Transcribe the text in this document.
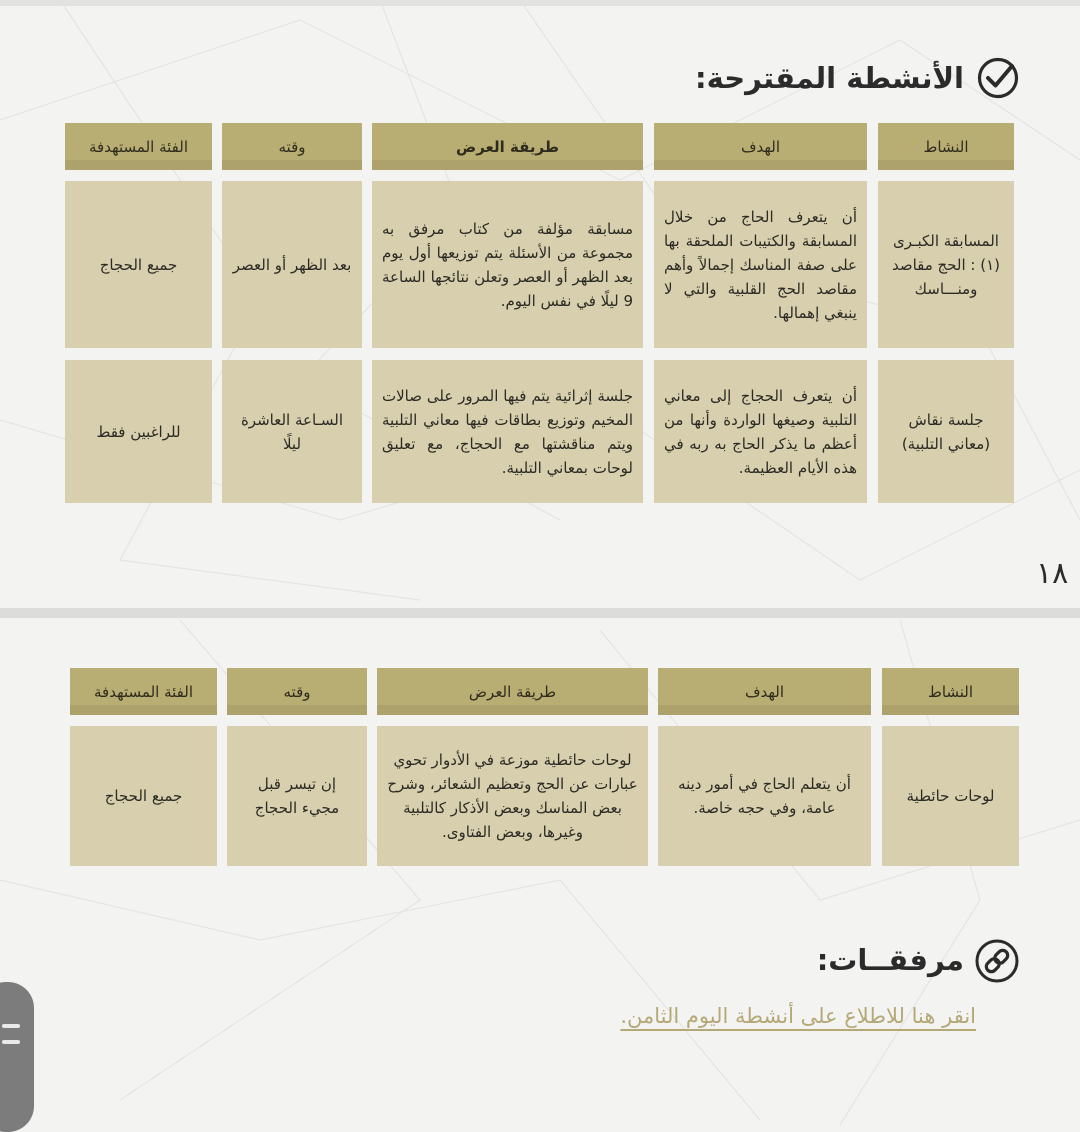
الأنشطة المقترحة:
النشاط
الهدف
طريقة العرض
وقته
الفئة المستهدفة
المسابقة الكبـرى (١) : الحج مقاصد ومنـــاسك
أن يتعرف الحاج من خلال المسابقة والكتيبات الملحقة بها على صفة المناسك إجمالاً وأهم مقاصد الحج القلبية والتي لا ينبغي إهمالها.
مسابقة مؤلفة من كتاب مرفق به مجموعة من الأسئلة يتم توزيعها أول يوم بعد الظهر أو العصر وتعلن نتائجها الساعة 9 ليلًا في نفس اليوم.
بعد الظهر أو العصر
جميع الحجاج
جلسة نقاش (معاني التلبية)
أن يتعرف الحجاج إلى معاني التلبية وصيغها الواردة وأنها من أعظم ما يذكر الحاج به ربه في هذه الأيام العظيمة.
جلسة إثرائية يتم فيها المرور على صالات المخيم وتوزيع بطاقات فيها معاني التلبية ويتم مناقشتها مع الحجاج، مع تعليق لوحات بمعاني التلبية.
السـاعة العاشرة ليلًا
للراغبين فقط
١٨
النشاط
الهدف
طريقة العرض
وقته
الفئة المستهدفة
لوحات حائطية
أن يتعلم الحاج في أمور دينه عامة، وفي حجه خاصة.
لوحات حائطية موزعة في الأدوار تحوي عبارات عن الحج وتعظيم الشعائر، وشرح بعض المناسك وبعض الأذكار كالتلبية وغيرها، وبعض الفتاوى.
إن تيسر قبل مجيء الحجاج
جميع الحجاج
مرفقــات:
انقر هنا للاطلاع على أنشطة اليوم الثامن.
